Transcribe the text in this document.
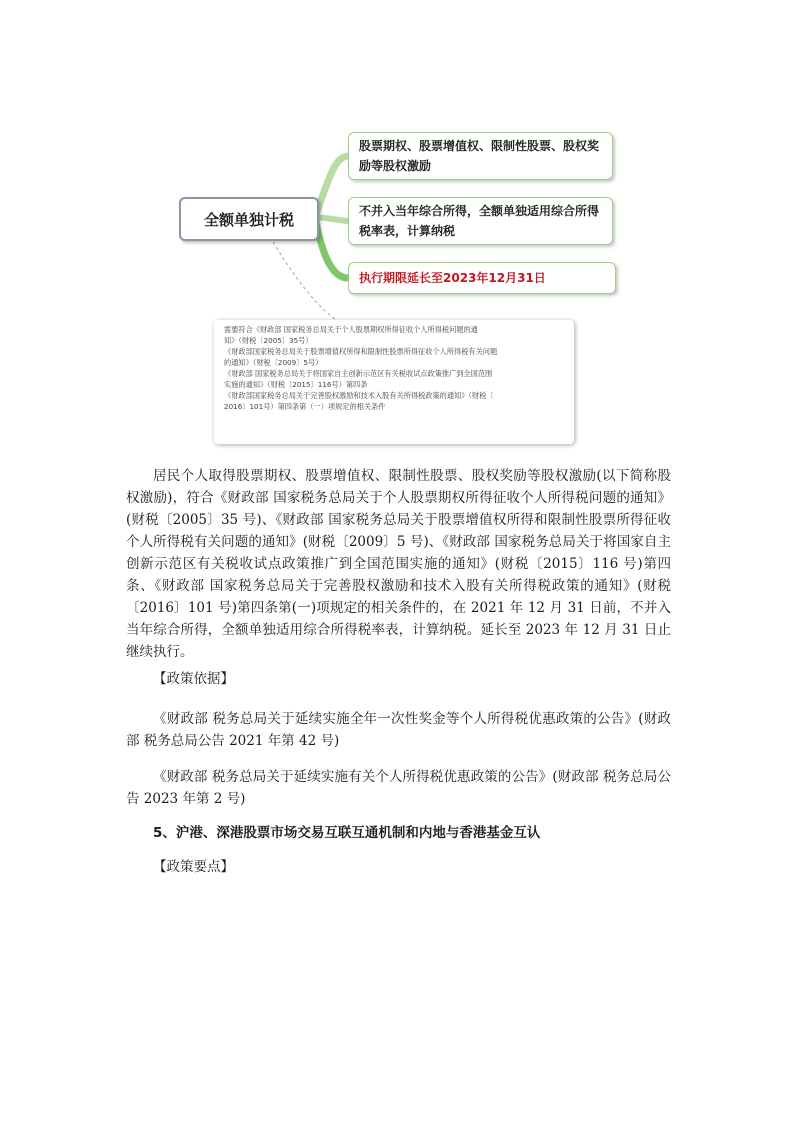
全额单独计税
股票期权、股票增值权、限制性股票、股权奖励等股权激励
不并入当年综合所得，全额单独适用综合所得税率表，计算纳税
执行期限延长至2023年12月31日
需要符合《财政部 国家税务总局关于个人股票期权所得征收个人所得税问题的通
知》（财税〔2005〕35号）
《财政部国家税务总局关于股票增值权所得和限制性股票所得征收个人所得税有关问题
的通知》（财税〔2009〕5号）
《财政部 国家税务总局关于将国家自主创新示范区有关税收试点政策推广到全国范围
实施的通知》（财税〔2015〕116号）第四条
《财政部国家税务总局关于完善股权激励和技术入股有关所得税政策的通知》（财税〔
2016〕101号）第四条第（一）项规定的相关条件

居民个人取得股票期权、股票增值权、限制性股票、股权奖励等股权激励(以下简称股权激励)，符合《财政部 国家税务总局关于个人股票期权所得征收个人所得税问题的通知》(财税〔2005〕35 号)、《财政部 国家税务总局关于股票增值权所得和限制性股票所得征收个人所得税有关问题的通知》(财税〔2009〕5 号)、《财政部 国家税务总局关于将国家自主创新示范区有关税收试点政策推广到全国范围实施的通知》(财税〔2015〕116 号)第四条、《财政部 国家税务总局关于完善股权激励和技术入股有关所得税政策的通知》(财税〔2016〕101 号)第四条第(一)项规定的相关条件的，在 2021 年 12 月 31 日前，不并入当年综合所得，全额单独适用综合所得税率表，计算纳税。延长至 2023 年 12 月 31 日止继续执行。

【政策依据】

《财政部 税务总局关于延续实施全年一次性奖金等个人所得税优惠政策的公告》(财政部 税务总局公告 2021 年第 42 号)

《财政部 税务总局关于延续实施有关个人所得税优惠政策的公告》(财政部 税务总局公告 2023 年第 2 号)

5、沪港、深港股票市场交易互联互通机制和内地与香港基金互认

【政策要点】
